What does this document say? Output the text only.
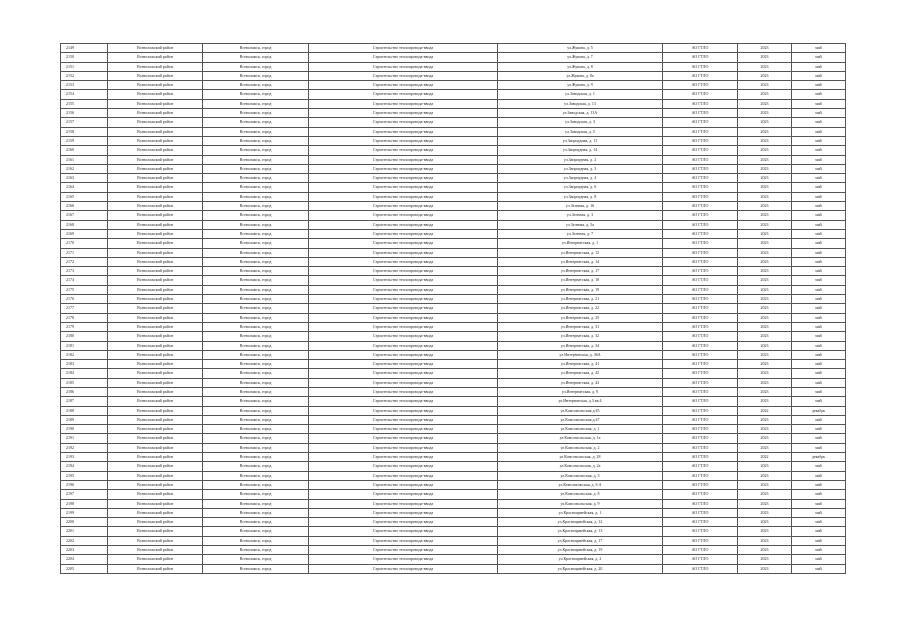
2149	Всеволожский район	Всеволожск, город	Строительство теплопровода-ввода	ул.Жукова, д. 5	АО ГТЛО	2023	май
2150	Всеволожский район	Всеволожск, город	Строительство теплопровода-ввода	ул.Жукова, д. 7	АО ГТЛО	2023	май
2151	Всеволожский район	Всеволожск, город	Строительство теплопровода-ввода	ул.Жукова, д. 8	АО ГТЛО	2023	май
2152	Всеволожский район	Всеволожск, город	Строительство теплопровода-ввода	ул.Жукова, д. 8а	АО ГТЛО	2023	май
2153	Всеволожский район	Всеволожск, город	Строительство теплопровода-ввода	ул.Жукова, д. 9	АО ГТЛО	2023	май
2154	Всеволожский район	Всеволожск, город	Строительство теплопровода-ввода	ул.Заводская, д. 1	АО ГТЛО	2023	май
2155	Всеволожский район	Всеволожск, город	Строительство теплопровода-ввода	ул.Заводская, д. 13	АО ГТЛО	2023	май
2156	Всеволожский район	Всеволожск, город	Строительство теплопровода-ввода	ул.Заводская, д. 13А	АО ГТЛО	2023	май
2157	Всеволожский район	Всеволожск, город	Строительство теплопровода-ввода	ул.Заводская, д. 3	АО ГТЛО	2023	май
2158	Всеволожский район	Всеволожск, город	Строительство теплопровода-ввода	ул.Заводская, д. 5	АО ГТЛО	2023	май
2159	Всеволожский район	Всеволожск, город	Строительство теплопровода-ввода	ул.Заприудная, д. 11	АО ГТЛО	2023	май
2160	Всеволожский район	Всеволожск, город	Строительство теплопровода-ввода	ул.Заприудная, д. 14	АО ГТЛО	2023	май
2161	Всеволожский район	Всеволожск, город	Строительство теплопровода-ввода	ул.Заприудная, д. 2	АО ГТЛО	2023	май
2162	Всеволожский район	Всеволожск, город	Строительство теплопровода-ввода	ул.Заприудная, д. 3	АО ГТЛО	2023	май
2163	Всеволожский район	Всеволожск, город	Строительство теплопровода-ввода	ул.Заприудная, д. 4	АО ГТЛО	2023	май
2164	Всеволожский район	Всеволожск, город	Строительство теплопровода-ввода	ул.Заприудная, д. 6	АО ГТЛО	2023	май
2165	Всеволожский район	Всеволожск, город	Строительство теплопровода-ввода	ул.Заприудная, д. 8	АО ГТЛО	2023	май
2166	Всеволожский район	Всеволожск, город	Строительство теплопровода-ввода	ул.Зеленая, д. 16	АО ГТЛО	2023	май
2167	Всеволожский район	Всеволожск, город	Строительство теплопровода-ввода	ул.Зеленая, д. 3	АО ГТЛО	2023	май
2168	Всеволожский район	Всеволожск, город	Строительство теплопровода-ввода	ул.Зеленая, д. 5а	АО ГТЛО	2023	май
2169	Всеволожский район	Всеволожск, город	Строительство теплопровода-ввода	ул.Зеленая, д. 7	АО ГТЛО	2023	май
2170	Всеволожский район	Всеволожск, город	Строительство теплопровода-ввода	ул.Интернатская, д. 1	АО ГТЛО	2023	май
2171	Всеволожский район	Всеволожск, город	Строительство теплопровода-ввода	ул.Интернатская, д. 12	АО ГТЛО	2023	май
2172	Всеволожский район	Всеволожск, город	Строительство теплопровода-ввода	ул.Интернатская, д. 14	АО ГТЛО	2023	май
2173	Всеволожский район	Всеволожск, город	Строительство теплопровода-ввода	ул.Интернатская, д. 17	АО ГТЛО	2023	май
2174	Всеволожский район	Всеволожск, город	Строительство теплопровода-ввода	ул.Интернатская, д. 18	АО ГТЛО	2023	май
2175	Всеволожский район	Всеволожск, город	Строительство теплопровода-ввода	ул.Интернатская, д. 19	АО ГТЛО	2023	май
2176	Всеволожский район	Всеволожск, город	Строительство теплопровода-ввода	ул.Интернатская, д. 21	АО ГТЛО	2023	май
2177	Всеволожский район	Всеволожск, город	Строительство теплопровода-ввода	ул.Интернатская, д. 22	АО ГТЛО	2023	май
2178	Всеволожский район	Всеволожск, город	Строительство теплопровода-ввода	ул.Интернатская, д. 25	АО ГТЛО	2023	май
2179	Всеволожский район	Всеволожск, город	Строительство теплопровода-ввода	ул.Интернатская, д. 31	АО ГТЛО	2023	май
2180	Всеволожский район	Всеволожск, город	Строительство теплопровода-ввода	ул.Интернатская, д. 32	АО ГТЛО	2023	май
2181	Всеволожский район	Всеволожск, город	Строительство теплопровода-ввода	ул.Интернатская, д. 34	АО ГТЛО	2023	май
2182	Всеволожский район	Всеволожск, город	Строительство теплопровода-ввода	ул.Интернатская, д. 36А	АО ГТЛО	2023	май
2183	Всеволожский район	Всеволожск, город	Строительство теплопровода-ввода	ул.Интернатская, д. 41	АО ГТЛО	2023	май
2184	Всеволожский район	Всеволожск, город	Строительство теплопровода-ввода	ул.Интернатская, д. 42	АО ГТЛО	2023	май
2185	Всеволожский район	Всеволожск, город	Строительство теплопровода-ввода	ул.Интернатская, д. 43	АО ГТЛО	2023	май
2186	Всеволожский район	Всеволожск, город	Строительство теплопровода-ввода	ул.Интернатская, д. 9	АО ГТЛО	2023	май
2187	Всеволожский район	Всеволожск, город	Строительство теплопровода-ввода	ул.Интернатская, д.3 кв.4	АО ГТЛО	2023	май
2188	Всеволожский район	Всеволожск, город	Строительство теплопровода-ввода	ул.Комсомольская д.45	АО ГТЛО	2022	декабрь
2189	Всеволожский район	Всеволожск, город	Строительство теплопровода-ввода	ул.Комсомольская д.47	АО ГТЛО	2023	май
2190	Всеволожский район	Всеволожск, город	Строительство теплопровода-ввода	ул.Комсомольская, д. 1	АО ГТЛО	2023	май
2191	Всеволожский район	Всеволожск, город	Строительство теплопровода-ввода	ул.Комсомольская, д. 1а	АО ГТЛО	2023	май
2192	Всеволожский район	Всеволожск, город	Строительство теплопровода-ввода	ул.Комсомольская, д. 2	АО ГТЛО	2023	май
2193	Всеволожский район	Всеволожск, город	Строительство теплопровода-ввода	ул.Комсомольская, д. 28	АО ГТЛО	2022	декабрь
2194	Всеволожский район	Всеволожск, город	Строительство теплопровода-ввода	ул.Комсомольская, д. 2а	АО ГТЛО	2023	май
2195	Всеволожский район	Всеволожск, город	Строительство теплопровода-ввода	ул.Комсомольская, д. 3	АО ГТЛО	2023	май
2196	Всеволожский район	Всеволожск, город	Строительство теплопровода-ввода	ул.Комсомольская, д. 6 А	АО ГТЛО	2023	май
2197	Всеволожский район	Всеволожск, город	Строительство теплопровода-ввода	ул.Комсомольская, д. 8	АО ГТЛО	2023	май
2198	Всеволожский район	Всеволожск, город	Строительство теплопровода-ввода	ул.Комсомольская, д. 9	АО ГТЛО	2023	май
2199	Всеволожский район	Всеволожск, город	Строительство теплопровода-ввода	ул.Красноармейская, д. 1	АО ГТЛО	2023	май
2200	Всеволожский район	Всеволожск, город	Строительство теплопровода-ввода	ул.Красноармейская, д. 12	АО ГТЛО	2023	май
2201	Всеволожский район	Всеволожск, город	Строительство теплопровода-ввода	ул.Красноармейская, д. 13	АО ГТЛО	2023	май
2202	Всеволожский район	Всеволожск, город	Строительство теплопровода-ввода	ул.Красноармейская, д. 17	АО ГТЛО	2023	май
2203	Всеволожский район	Всеволожск, город	Строительство теплопровода-ввода	ул.Красноармейская, д. 19	АО ГТЛО	2023	май
2204	Всеволожский район	Всеволожск, город	Строительство теплопровода-ввода	ул.Красноармейская, д. 2	АО ГТЛО	2023	май
2205	Всеволожский район	Всеволожск, город	Строительство теплопровода-ввода	ул.Красноармейская, д. 20	АО ГТЛО	2023	май
